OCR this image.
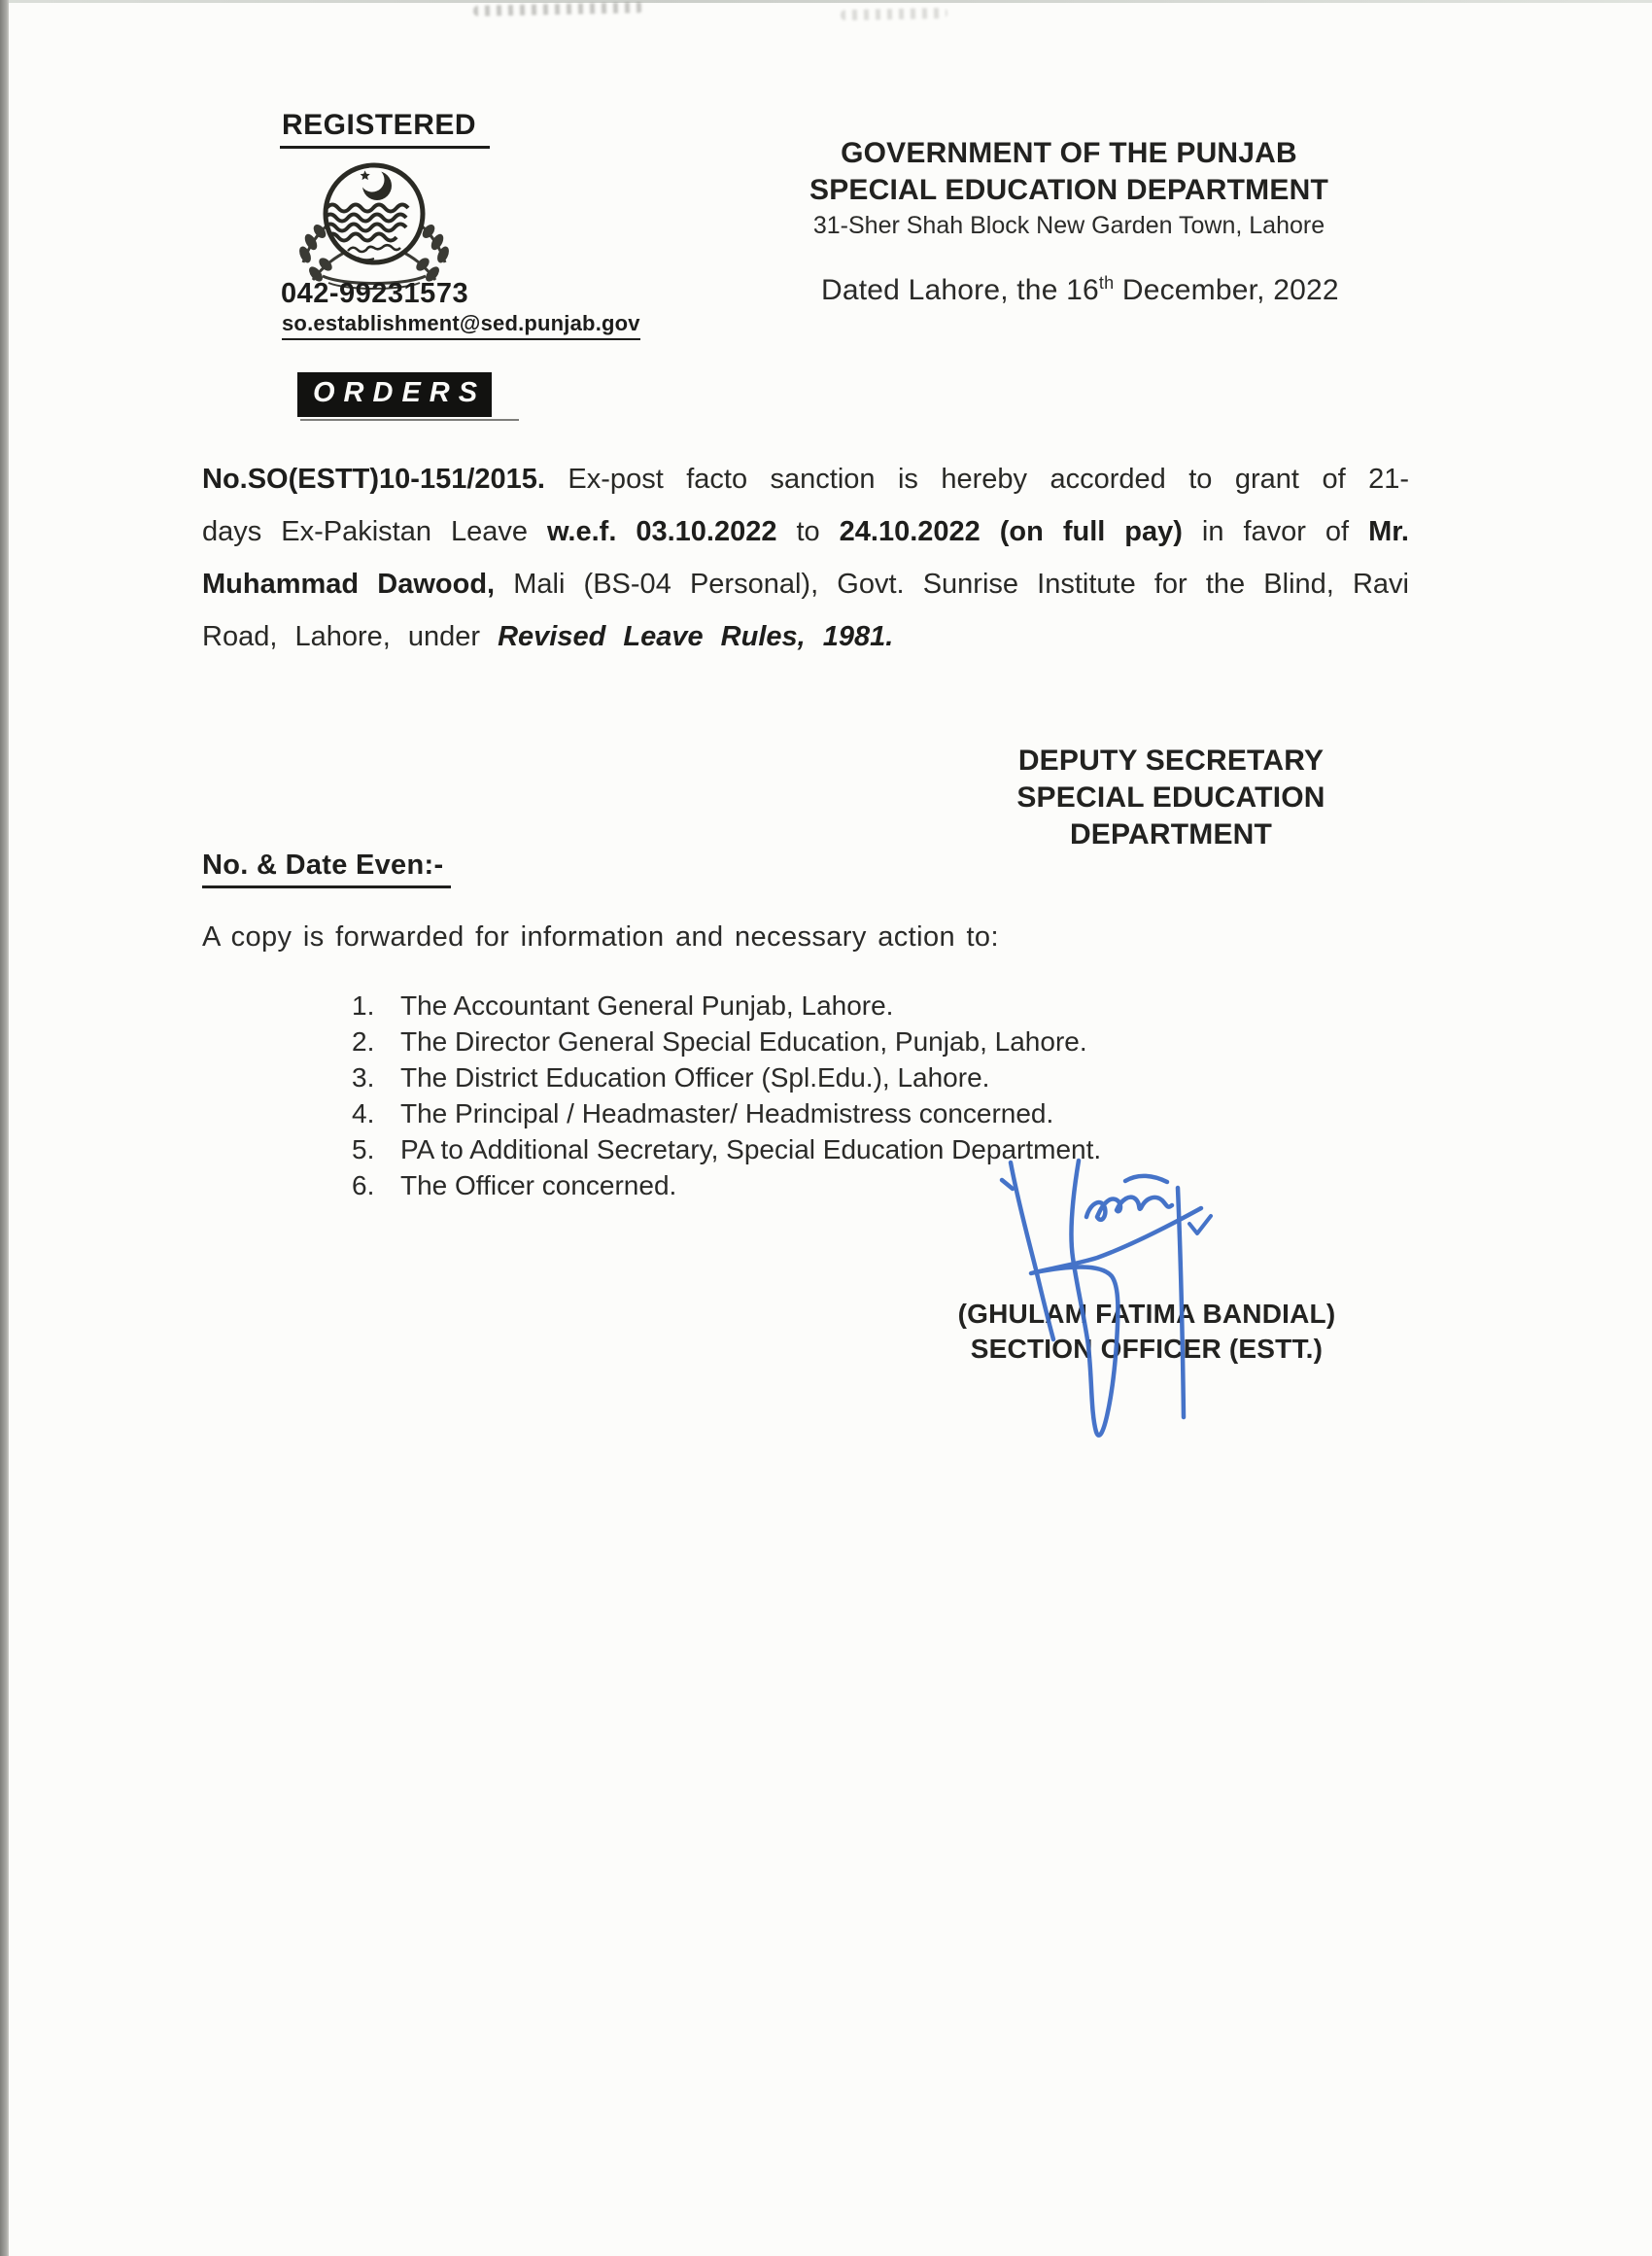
REGISTERED
042-99231573
so.establishment@sed.punjab.gov
GOVERNMENT OF THE PUNJAB
SPECIAL EDUCATION DEPARTMENT
31-Sher Shah Block New Garden Town, Lahore
Dated Lahore, the 16th December, 2022
ORDERS
No.SO(ESTT)10-151/2015. Ex-post facto sanction is hereby accorded to grant of 21-days Ex-Pakistan Leave w.e.f. 03.10.2022 to 24.10.2022 (on full pay) in favor of Mr. Muhammad Dawood, Mali (BS-04 Personal), Govt. Sunrise Institute for the Blind, Ravi Road, Lahore, under Revised Leave Rules, 1981.
DEPUTY SECRETARY
SPECIAL EDUCATION
DEPARTMENT
No. & Date Even:-
A copy is forwarded for information and necessary action to:
1. The Accountant General Punjab, Lahore.
2. The Director General Special Education, Punjab, Lahore.
3. The District Education Officer (Spl.Edu.), Lahore.
4. The Principal / Headmaster/ Headmistress concerned.
5. PA to Additional Secretary, Special Education Department.
6. The Officer concerned.
(GHULAM FATIMA BANDIAL)
SECTION OFFICER (ESTT.)
